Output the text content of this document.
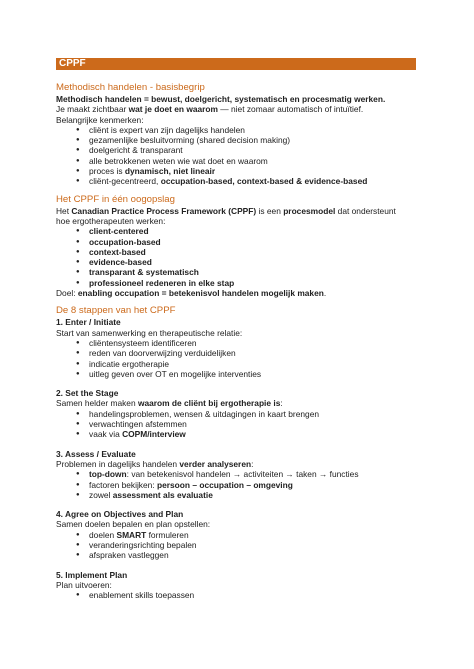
CPPF
Methodisch handelen - basisbegrip

Methodisch handelen = bewust, doelgericht, systematisch en procesmatig werken.

Je maakt zichtbaar wat je doet en waarom — niet zomaar automatisch of intuïtief.

Belangrijke kenmerken:

● cliënt is expert van zijn dagelijks handelen
● gezamenlijke besluitvorming (shared decision making)
● doelgericht & transparant
● alle betrokkenen weten wie wat doet en waarom
● proces is dynamisch, niet lineair
● cliënt-gecentreerd, occupation-based, context-based & evidence-based
Het CPPF in één oogopslag

Het Canadian Practice Process Framework (CPPF) is een procesmodel dat ondersteunt

hoe ergotherapeuten werken:

● client-centered
● occupation-based
● context-based
● evidence-based
● transparant & systematisch
● professioneel redeneren in elke stap

Doel: enabling occupation = betekenisvol handelen mogelijk maken.

De 8 stappen van het CPPF
1. Enter / Initiate

Start van samenwerking en therapeutische relatie:

● cliëntensysteem identificeren
● reden van doorverwijzing verduidelijken
● indicatie ergotherapie
● uitleg geven over OT en mogelijke interventies
2. Set the Stage

Samen helder maken waarom de cliënt bij ergotherapie is:

● handelingsproblemen, wensen & uitdagingen in kaart brengen
● verwachtingen afstemmen
● vaak via COPM/interview
3. Assess / Evaluate

Problemen in dagelijks handelen verder analyseren:

● top-down: van betekenisvol handelen → activiteiten → taken → functies
● factoren bekijken: persoon – occupation – omgeving
● zowel assessment als evaluatie
4. Agree on Objectives and Plan

Samen doelen bepalen en plan opstellen:

● doelen SMART formuleren
● veranderingsrichting bepalen
● afspraken vastleggen
5. Implement Plan

Plan uitvoeren:

● enablement skills toepassen
